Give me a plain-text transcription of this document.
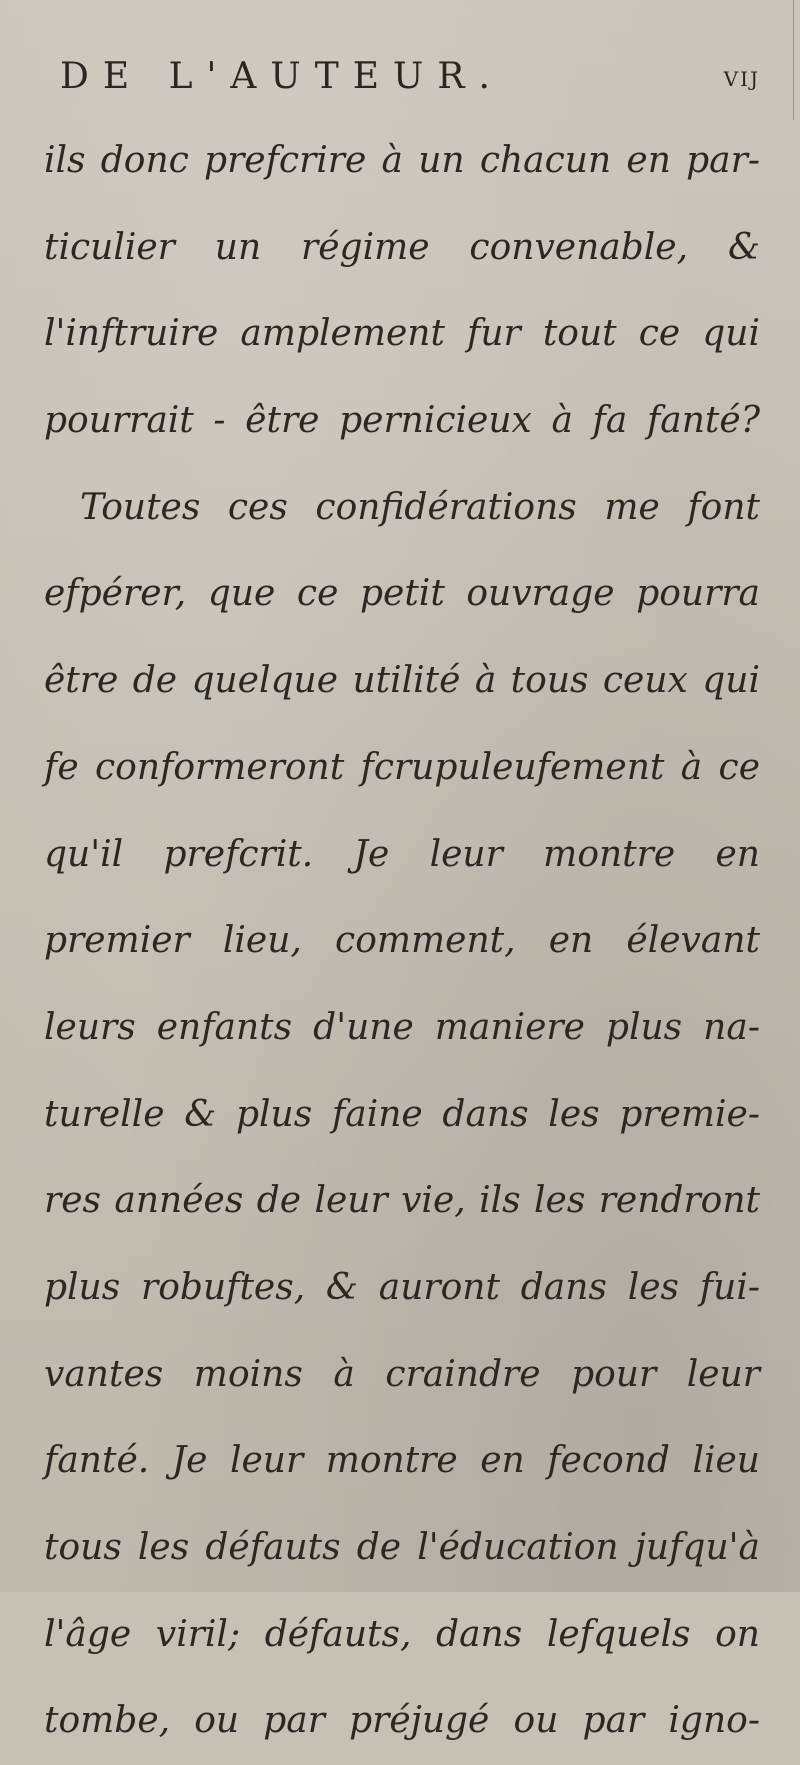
DE L'AUTEUR.	vij
ils donc prefcrire à un chacun en par-
ticulier un régime convenable, &
l'inftruire amplement fur tout ce qui
pourrait - être pernicieux à fa fanté?
Toutes ces confidérations me font
efpérer, que ce petit ouvrage pourra
être de quelque utilité à tous ceux qui
fe conformeront fcrupuleufement à ce
qu'il prefcrit. Je leur montre en
premier lieu, comment, en élevant
leurs enfants d'une maniere plus na-
turelle & plus faine dans les premie-
res années de leur vie, ils les rendront
plus robuftes, & auront dans les fui-
vantes moins à craindre pour leur
fanté. Je leur montre en fecond lieu
tous les défauts de l'éducation jufqu'à
l'âge viril; défauts, dans lefquels on
tombe, ou par préjugé ou par igno-
